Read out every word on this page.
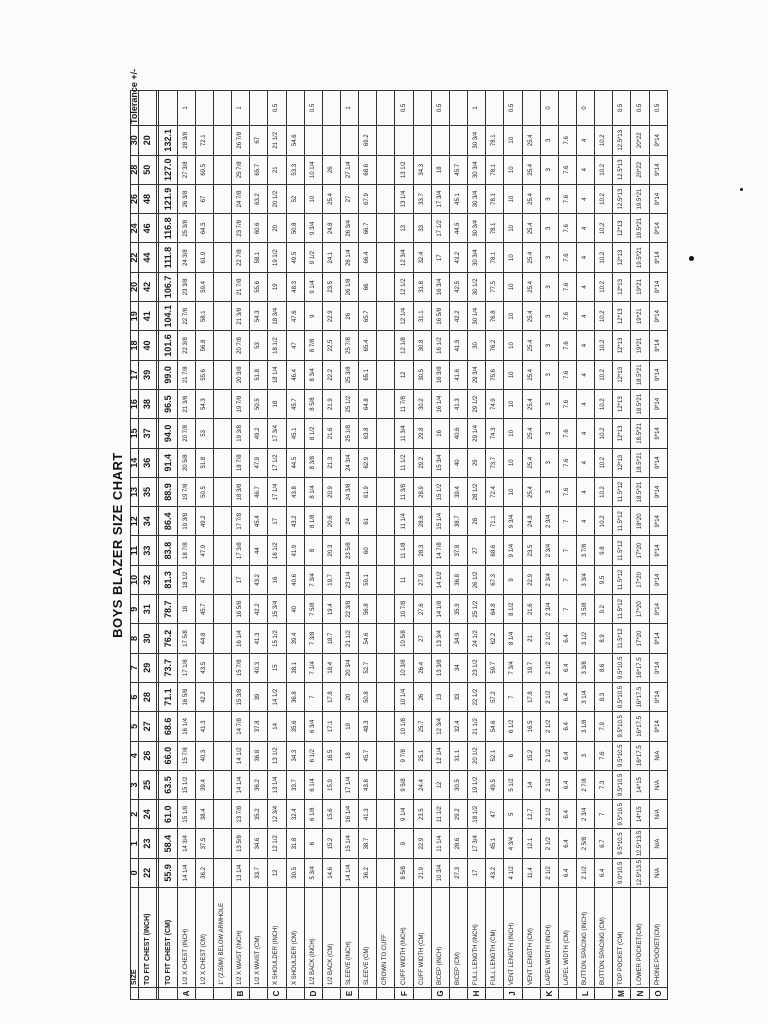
BOYS BLAZER SIZE CHART
	SIZE	0	1	2	3	4	5	6	7	8	9	10	11	12	13	14	15	16	17	18	19	20	22	24	26	28	30	Tolerance +/-
	TO FIT CHEST (INCH)	22	23	24	25	26	27	28	29	30	31	32	33	34	35	36	37	38	39	40	41	42	44	46	48	50	20	

	TO FIT CHEST (CM)	55.9	58.4	61.0	63.5	66.0	68.6	71.1	73.7	76.2	78.7	81.3	83.8	86.4	88.9	91.4	94.0	96.5	99.0	101.6	104.1	106.7	111.8	116.8	121.9	127.0	132.1	
A	1/2 X CHEST (INCH)	14 1/4	14 3/4	15 1/8	15 1/2	15 7/8	16 1/4	16 5/8	17 1/8	17 5/8	18	18 1/2	18 7/8	19 3/8	19 7/8	20 5/8	20 7/8	21 3/8	21 7/8	22 3/8	22 7/8	23 3/8	24 3/8	25 3/8	26 3/8	27 3/8	28 3/8	1
	1/2 X CHEST (CM)	36.2	37.5	38.4	39.4	40.3	41.3	42.2	43.5	44.8	45.7	47	47.9	49.2	50.5	51.8	53	54.3	55.6	56.8	58.1	59.4	61.9	64.5	67	69.5	72.1	
	1" (2.50M) BELOW ARMHOLE																											
B	1/2 X WAIST (INCH)	13 1/4	13 5/8	13 7/8	14 1/4	14 1/2	14 7/8	15 3/8	15 7/8	16 1/4	16 5/8	17	17 3/8	17 7/8	18 3/8	18 7/8	19 3/8	19 7/8	20 3/8	20 7/8	21 3/8	21 7/8	22 7/8	23 7/8	24 7/8	25 7/8	26 7/8	1
	1/2 X WAIST (CM)	33.7	34.6	35.2	36.2	36.8	37.8	39	40.3	41.3	42.2	43.2	44	45.4	46.7	47.9	49.2	50.5	51.8	53	54.3	55.6	58.1	60.6	63.2	65.7	67	
C	X SHOULDER (INCH)	12	12 1/2	12 3/4	13 1/4	13 1/2	14	14 1/2	15	15 1/2	15 3/4	16	16 1/2	17	17 1/4	17 1/2	17 3/4	18	18 1/4	18 1/2	18 3/4	19	19 1/2	20	20 1/2	21	21 1/2	0.5
	X SHOULDER (CM)	30.5	31.8	32.4	33.7	34.3	35.6	36.8	38.1	39.4	40	40.6	41.9	43.2	43.8	44.5	45.1	45.7	46.4	47	47.6	48.3	49.5	50.8	52	53.3	54.6	
D	1/2 BACK (INCH)	5 3/4	6	6 1/8	6 1/4	6 1/2	6 3/4	7	7 1/4	7 3/8	7 5/8	7 3/4	8	8 1/8	8 1/4	8 3/8	8 1/2	8 5/8	8 3/4	8 7/8	9	9 1/4	9 1/2	9 3/4	10	10 1/4		0.5
	1/2 BACK (CM)	14.6	15.2	15.6	15.9	16.5	17.1	17.8	18.4	18.7	19.4	19.7	20.3	20.6	20.9	21.3	21.6	21.9	22.2	22.5	22.9	23.5	24.1	24.8	25.4	26		
E	SLEEVE (INCH)	14 1/4	15 1/4	16 1/4	17 1/4	18	19	20	20 3/4	21 1/2	22 3/8	23 1/4	23 5/8	24	24 3/8	24 3/4	25 1/8	25 1/2	25 3/8	25 7/8	26	26 1/8	26 1/4	26 3/4	27	27 1/4		1
	SLEEVE (CM)	36.2	38.7	41.3	43.8	45.7	48.3	50.8	52.7	54.6	56.8	59.1	60	61	61.9	62.9	63.8	64.8	65.1	65.4	65.7	66	66.4	66.7	67.9	68.6	69.2	
	CROWN TO CUFF																											
F	CUFF WIDTH (INCH)	8 5/8	9	9 1/4	9 5/8	9 7/8	10 1/8	10 1/4	10 3/8	10 5/8	10 7/8	11	11 1/8	11 1/4	11 3/8	11 1/2	11 3/4	11 7/8	12	12 1/8	12 1/4	12 1/2	12 3/4	13	13 1/4	13 1/2		0.5
	CUFF WIDTH (CM)	21.9	22.9	23.5	24.4	25.1	25.7	26	26.4	27	27.6	27.9	28.3	28.6	28.9	29.2	29.8	30.2	30.5	30.8	31.1	31.8	32.4	33	33.7	34.3		
G	BICEP (INCH)	10 3/4	11 1/4	11 1/2	12	12 1/4	12 3/4	13	13 3/8	13 3/4	14 1/8	14 1/2	14 7/8	15 1/4	15 1/2	15 3/4	16	16 1/4	16 3/8	16 1/2	16 5/8	16 3/4	17	17 1/2	17 3/4	18		0.5
	BICEP (CM)	27.3	28.6	29.2	30.5	31.1	32.4	33	34	34.9	35.9	36.8	37.8	38.7	39.4	40	40.6	41.3	41.6	41.9	42.2	42.5	43.2	44.5	45.1	45.7		
H	FULL LENGTH (INCH)	17	17 3/4	18 1/2	19 1/2	20 1/2	21 1/2	22 1/2	23 1/2	24 1/2	25 1/2	26 1/2	27	28	28 1/2	29	29 1/4	29 1/2	29 3/4	30	30 1/4	30 1/2	30 3/4	30 3/4	30 3/4	30 3/4	30 3/4	1
	FULL LENGTH (CM)	43.2	45.1	47	49.5	52.1	54.6	57.2	59.7	62.2	64.8	67.3	68.6	71.1	72.4	73.7	74.3	74.9	75.6	76.2	76.8	77.5	78.1	78.1	78.1	78.1	78.1	
J	VENT LENGTH (INCH)	4 1/2	4 3/4	5	5 1/2	6	6 1/2	7	7 3/4	8 1/4	8 1/2	9	9 1/4	9 3/4	10	10	10	10	10	10	10	10	10	10	10	10	10	0.5
	VENT LENGTH (CM)	11.4	12.1	12.7	14	15.2	16.5	17.8	19.7	21	21.6	22.9	23.5	24.8	25.4	25.4	25.4	25.4	25.4	25.4	25.4	25.4	25.4	25.4	25.4	25.4	25.4	
K	LAPEL WIDTH (INCH)	2 1/2	2 1/2	2 1/2	2 1/2	2 1/2	2 1/2	2 1/2	2 1/2	2 1/2	2 3/4	2 3/4	2 3/4	2 3/4	3	3	3	3	3	3	3	3	3	3	3	3	3	0
	LAPEL WIDTH (CM)	6.4	6.4	6.4	6.4	6.4	6.4	6.4	6.4	6.4	7	7	7	7	7.6	7.6	7.6	7.6	7.6	7.6	7.6	7.6	7.6	7.6	7.6	7.6	7.6	
L	BUTTON SPACING (INCH)	2 1/2	2 5/8	2 3/4	2 7/8	3	3 1/8	3 1/4	3 3/8	3 1/2	3 5/8	3 3/4	3 7/8	4	4	4	4	4	4	4	4	4	4	4	4	4	4	0
	BUTTON SPACING (CM)	6.4	6.7	7	7.3	7.6	7.9	8.3	8.6	8.9	9.2	9.5	9.8	10.2	10.2	10.2	10.2	10.2	10.2	10.2	10.2	10.2	10.2	10.2	10.2	10.2	10.2	
M	TOP POCKET (CM)	9.0*10.5	9.5*10.5	9.5*10.5	9.5*10.5	9.5*10.5	9.5*10.5	9.5*10.5	9.5*10.5	11.5*12	11.5*12	11.5*12	11.5*12	11.5*12	11.5*12	12*13	12*13	12*13	12*13	12*13	12*13	12*13	12*13	12*13	12.5*13	12.5*13	12.5*13	0.5
N	LOWER POCKET(CM)	12.5*13.5	12.5*13.5	14*15	14*15	16*17.5	16*17.5	16*17.5	16*17.5	17*20	17*20	17*20	17*20	18*20	18.5*21	18.5*21	18.5*21	18.5*21	18.5*21	19*21	19*21	19*21	19.5*21	19.5*21	19.5*21	20*22	20*22	0.5
O	PHONE POCKET(CM)	N/A	N/A	N/A	N/A	N/A	9*14	9*14	9*14	9*14	9*14	9*14	9*14	9*14	9*14	9*14	9*14	9*14	9*14	9*14	9*14	9*14	9*14	9*14	9*14	9*14	9*14	0.5
